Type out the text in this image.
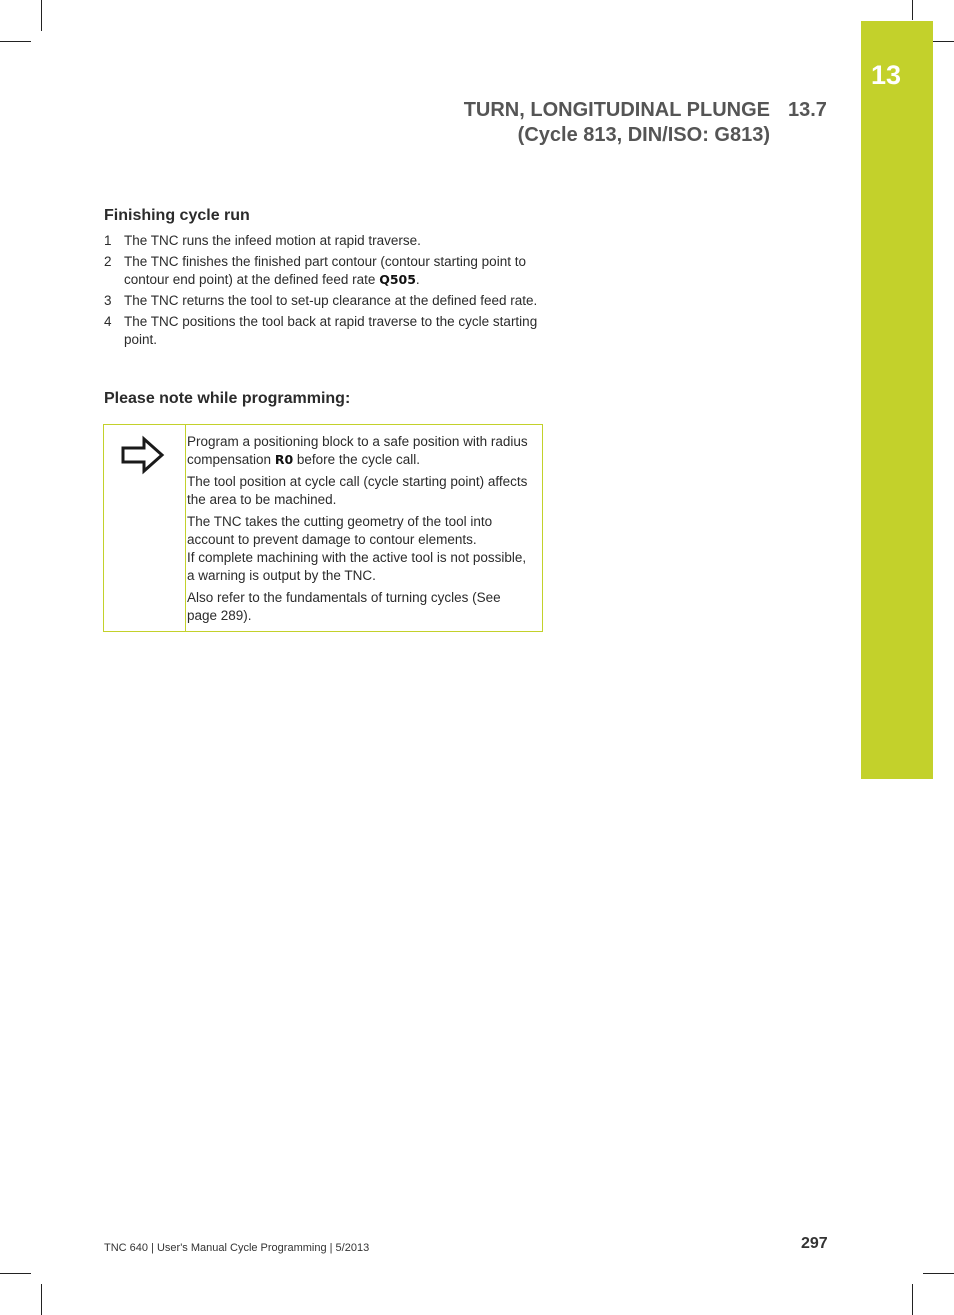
13
TURN, LONGITUDINAL PLUNGE
(Cycle 813, DIN/ISO: G813)
13.7
Finishing cycle run
1 The TNC runs the infeed motion at rapid traverse.
2 The TNC finishes the finished part contour (contour starting point to contour end point) at the defined feed rate Q505.
3 The TNC returns the tool to set-up clearance at the defined feed rate.
4 The TNC positions the tool back at rapid traverse to the cycle starting point.
Please note while programming:

Program a positioning block to a safe position with radius compensation R0 before the cycle call.

The tool position at cycle call (cycle starting point) affects the area to be machined.

The TNC takes the cutting geometry of the tool into account to prevent damage to contour elements.
If complete machining with the active tool is not possible, a warning is output by the TNC.

Also refer to the fundamentals of turning cycles (See page 289).

TNC 640 | User's Manual Cycle Programming | 5/2013	297
